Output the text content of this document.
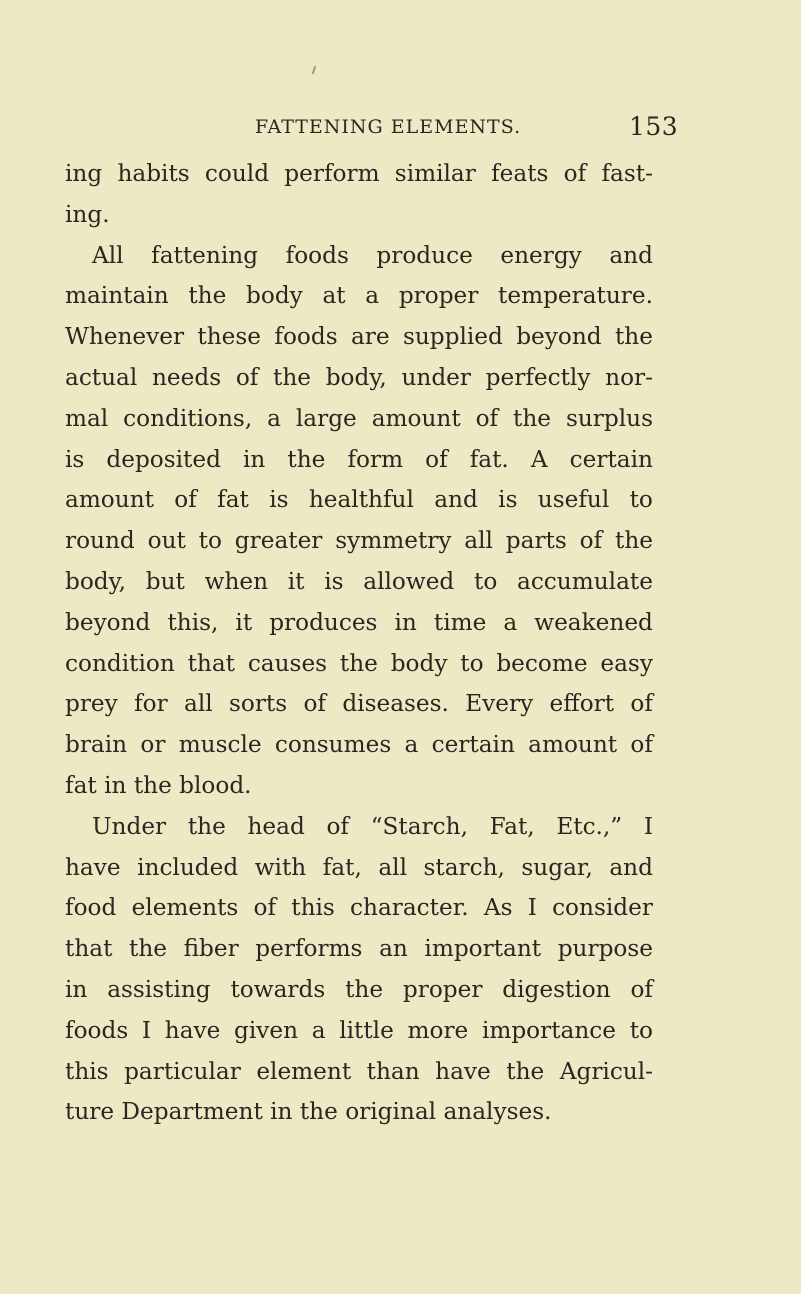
FATTENING ELEMENTS.	153
ing habits could perform similar feats of fast-
ing.
All fattening foods produce energy and
maintain the body at a proper temperature.
Whenever these foods are supplied beyond the
actual needs of the body, under perfectly nor-
mal conditions, a large amount of the surplus
is deposited in the form of fat. A certain
amount of fat is healthful and is useful to
round out to greater symmetry all parts of the
body, but when it is allowed to accumulate
beyond this, it produces in time a weakened
condition that causes the body to become easy
prey for all sorts of diseases. Every effort of
brain or muscle consumes a certain amount of
fat in the blood.
Under the head of “Starch, Fat, Etc.,” I
have included with fat, all starch, sugar, and
food elements of this character. As I consider
that the fiber performs an important purpose
in assisting towards the proper digestion of
foods I have given a little more importance to
this particular element than have the Agricul-
ture Department in the original analyses.
